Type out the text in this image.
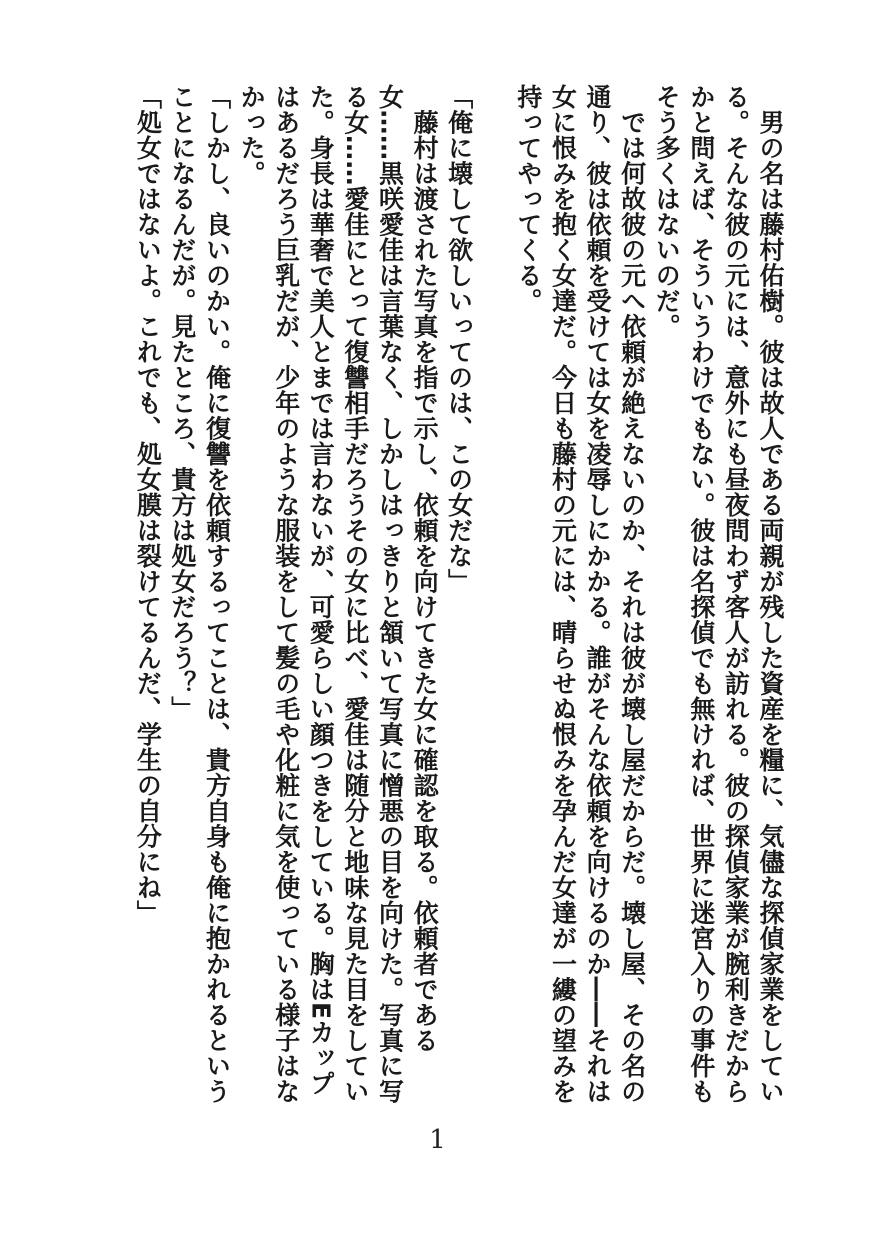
　男の名は藤村佑樹。彼は故人である両親が残した資産を糧に、気儘な探偵家業をしている。そんな彼の元には、意外にも昼夜問わず客人が訪れる。彼の探偵家業が腕利きだからかと問えば、そういうわけでもない。彼は名探偵でも無ければ、世界に迷宮入りの事件もそう多くはないのだ。

　では何故彼の元へ依頼が絶えないのか、それは彼が壊し屋だからだ。壊し屋、その名の通り、彼は依頼を受けては女を凌辱しにかかる。誰がそんな依頼を向けるのか――それは女に恨みを抱く女達だ。今日も藤村の元には、晴らせぬ恨みを孕んだ女達が一縷の望みを持ってやってくる。

「俺に壊して欲しいってのは、この女だな」

　藤村は渡された写真を指で示し、依頼を向けてきた女に確認を取る。依頼者である女……黒咲愛佳は言葉なく、しかしはっきりと頷いて写真に憎悪の目を向けた。写真に写る女……愛佳にとって復讐相手だろうその女に比べ、愛佳は随分と地味な見た目をしていた。身長は華奢で美人とまでは言わないが、可愛らしい顔つきをしている。胸はEカップはあるだろう巨乳だが、少年のような服装をして髪の毛や化粧に気を使っている様子はなかった。

「しかし、良いのかい。俺に復讐を依頼するってことは、貴方自身も俺に抱かれるということになるんだが。見たところ、貴方は処女だろう？」

「処女ではないよ。これでも、処女膜は裂けてるんだ、学生の自分にね」

1
